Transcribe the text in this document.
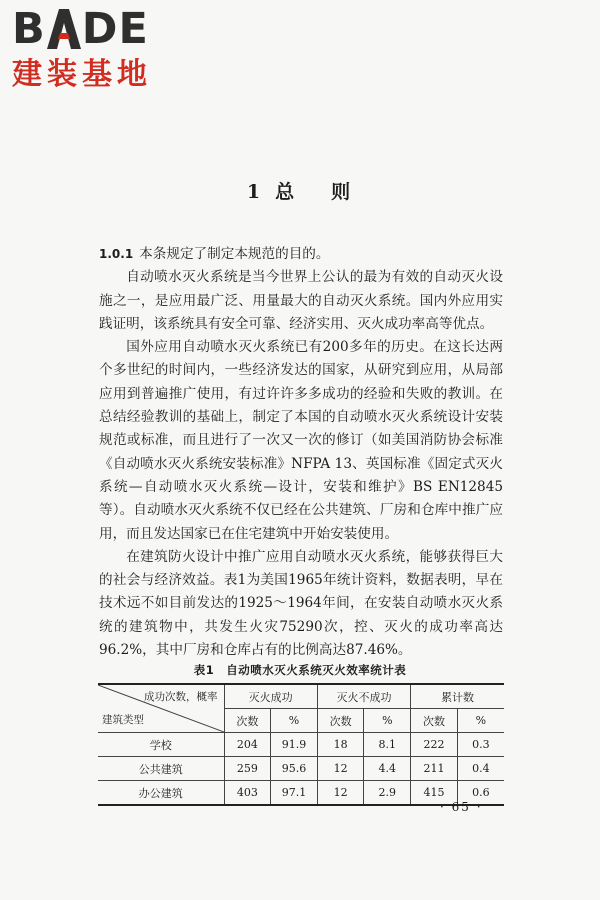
B DE
建装基地
1 总 则

1.0.1 本条规定了制定本规范的目的。

自动喷水灭火系统是当今世界上公认的最为有效的自动灭火设施之一，是应用最广泛、用量最大的自动灭火系统。国内外应用实践证明，该系统具有安全可靠、经济实用、灭火成功率高等优点。

国外应用自动喷水灭火系统已有200多年的历史。在这长达两个多世纪的时间内，一些经济发达的国家，从研究到应用，从局部应用到普遍推广使用，有过许许多多成功的经验和失败的教训。在总结经验教训的基础上，制定了本国的自动喷水灭火系统设计安装规范或标准，而且进行了一次又一次的修订（如美国消防协会标准《自动喷水灭火系统安装标准》NFPA 13、英国标准《固定式灭火系统—自动喷水灭火系统—设计，安装和维护》BS EN12845等）。自动喷水灭火系统不仅已经在公共建筑、厂房和仓库中推广应用，而且发达国家已在住宅建筑中开始安装使用。

在建筑防火设计中推广应用自动喷水灭火系统，能够获得巨大的社会与经济效益。表1为美国1965年统计资料，数据表明，早在技术远不如目前发达的1925～1964年间，在安装自动喷水灭火系统的建筑物中，共发生火灾75290次，控、灭火的成功率高达96.2%，其中厂房和仓库占有的比例高达87.46%。

表1 自动喷水灭火系统灭火效率统计表
成功次数，概率
建筑类型	灭火成功		灭火不成功		累计数	
	次数	%	次数	%	次数	%
学校	204	91.9	18	8.1	222	0.3
公共建筑	259	95.6	12	4.4	211	0.4
办公建筑	403	97.1	12	2.9	415	0.6
· 65 ·
